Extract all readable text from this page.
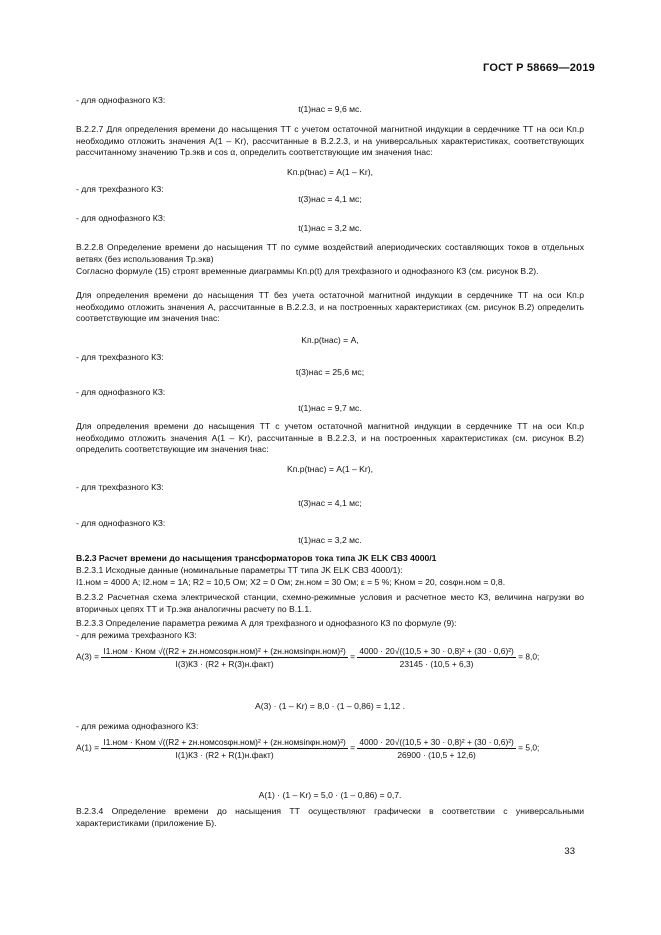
ГОСТ Р 58669—2019
- для однофазного КЗ:
t(1)нас = 9,6 мс.
В.2.2.7 Для определения времени до насыщения ТТ с учетом остаточной магнитной индукции в сердечнике ТТ на оси Kп.р необходимо отложить значения A(1 – Kr), рассчитанные в В.2.2.3, и на универсальных характеристиках, соответствующих рассчитанному значению Tр.экв и cos α, определить соответствующие им значения tнас:
Kп.р(tнас) = A(1 – Kr),
- для трехфазного КЗ:
t(3)нас = 4,1 мс;
- для однофазного КЗ:
t(1)нас = 3,2 мс.
В.2.2.8 Определение времени до насыщения ТТ по сумме воздействий апериодических составляющих токов в отдельных ветвях (без использования Tр.экв)
Согласно формуле (15) строят временные диаграммы Kп.р(t) для трехфазного и однофазного КЗ (см. рисунок В.2).
Для определения времени до насыщения ТТ без учета остаточной магнитной индукции в сердечнике ТТ на оси Kп.р необходимо отложить значения A, рассчитанные в В.2.2.3, и на построенных характеристиках (см. рисунок В.2) определить соответствующие им значения tнас:
Kп.р(tнас) = A,
- для трехфазного КЗ:
t(3)нас = 25,6 мс;
- для однофазного КЗ:
t(1)нас = 9,7 мс.
Для определения времени до насыщения ТТ с учетом остаточной магнитной индукции в сердечнике ТТ на оси Kп.р необходимо отложить значения A(1 – Kr), рассчитанные в В.2.2.3, и на построенных характеристиках (см. рисунок В.2) определить соответствующие им значения tнас:
Kп.р(tнас) = A(1 – Kr),
- для трехфазного КЗ:
t(3)нас = 4,1 мс;
- для однофазного КЗ:
t(1)нас = 3,2 мс.
В.2.3 Расчет времени до насыщения трансформаторов тока типа JK ELK CB3 4000/1
В.2.3.1 Исходные данные (номинальные параметры ТТ типа JK ELK CB3 4000/1):
I1.ном = 4000 А; I2.ном = 1А; R2 = 10,5 Ом; X2 = 0 Ом; zн.ном = 30 Ом; ε = 5 %; Kном = 20, cosφн.ном = 0,8.
В.2.3.2 Расчетная схема электрической станции, схемно-режимные условия и расчетное место КЗ, величина нагрузки во вторичных цепях ТТ и Tр.экв аналогичны расчету по В.1.1.
В.2.3.3 Определение параметра режима А для трехфазного и однофазного КЗ по формуле (9):
- для режима трехфазного КЗ:
A(3) =
I1.ном · Kном √((R2 + zн.номcosφн.ном)² + (zн.номsinφн.ном)²)
I(3)КЗ · (R2 + R(3)н.факт)
= $\frac{\text{4000 · 20√((10,5 + 30 · 0,8)² + (30 · 0,6)²)}}{23145 \cdot (10,5 + 6,3)} = 8,0$;
A(3) · (1 – Kr) = 8,0 · (1 – 0,86) = 1,12 .
- для режима однофазного КЗ:
A(1) =
I1.ном · Kном √((R2 + zн.номcosφн.ном)² + (zн.номsinφн.ном)²)
I(1)КЗ · (R2 + R(1)н.факт)
= $\frac{\text{4000 · 20√((10,5 + 30 · 0,8)² + (30 · 0,6)²)}}{26900 \cdot (10,5 + 12,6)} = 5,0$;
A(1) · (1 – Kr) = 5,0 · (1 – 0,86) = 0,7.
В.2.3.4 Определение времени до насыщения ТТ осуществляют графически в соответствии с универсальными характеристиками (приложение Б).
33
